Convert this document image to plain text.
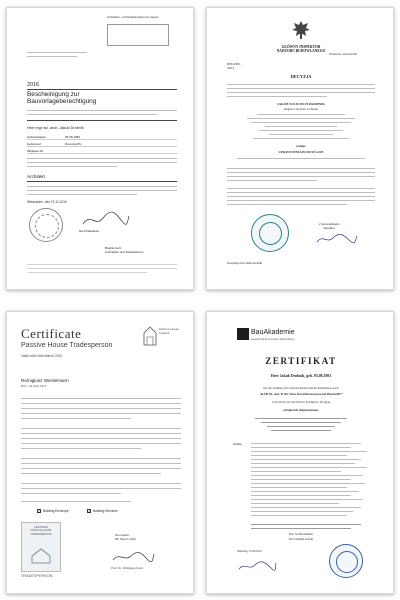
Architekten- und Stadtplanerkammer Hessen
2016
Bescheinigung zur
Bauvorlageberechtigung
Herr mgr inż. arch. Jakub Drobnik
Geburtsdatum	05.08.1983
Geburtsort	Rzeszów/PL
Mitglieds-Nr.
Architekt
Wiesbaden, den 22.11.2016
Die Präsidentin
Brigitte Holz
Architektin und Stadtplanerin
GŁÓWNY INSPEKTOR
NADZORU BUDOWLANEGO
Warszawa, 2014-02-06
DFR-UBZ.
/2014
DECYZJA
JAKUB WOJCIECH DROBNIK
magister inżynier architekt
nadaje
UPRAWNIENIA BUDOWLANE
Z upoważnienia
Dyrektor
Otrzymuje: Pan Jakub Drobnik
Certificate
Passive House Tradesperson
Valid until: Ndrl March 2021
Passive House Institute
Remigiusz Werdemann
Born: 09 April 1977
✓ Building Envelope	✓ Building Services
CERTIFIED
PASSIVE HOUSE
TRADESPERSON
TRADESPERSON
Darmstadt,
8th March 2016
Prof. Dr. Wolfgang Feist
BauAkademie
Gesellschaft für innovative Weiterbildung
ZERTIFIKAT
Herr Jakub Drobnik, geb. 05.08.1983
hat am Seminar für arbeitsschutzfachliche Kenntnisse nach
„RAB 30, Anl. B für SiGe Koordinatoren nach BaustellV“
vom 30.05.-01.06.2016 in Frankfurt / Rodgau
erfolgreich teilgenommen.
Inhalte:
Herr Jan Bieckmüller
Herr Dominik Gehrke
Nürnberg, 01.06.2016
